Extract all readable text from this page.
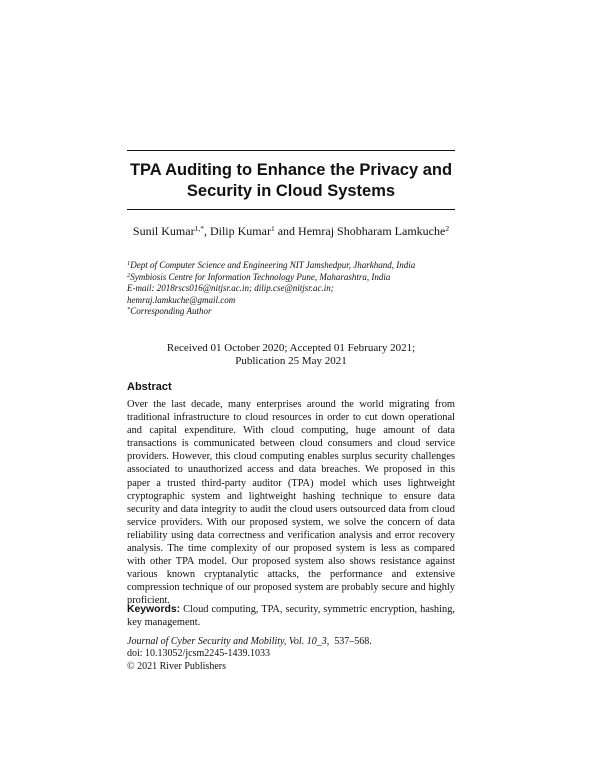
TPA Auditing to Enhance the Privacy and
Security in Cloud Systems
Sunil Kumar$^{1,*}$, Dilip Kumar$^1$ and Hemraj Shobharam Lamkuche$^2$
$^1$Dept of Computer Science and Engineering NIT Jamshedpur, Jharkhand, India
$^2$Symbiosis Centre for Information Technology Pune, Maharashtra, India
E-mail: 2018rscs016@nitjsr.ac.in; dilip.cse@nitjsr.ac.in;
hemraj.lamkuche@gmail.com
*Corresponding Author
Received 01 October 2020; Accepted 01 February 2021;
Publication 25 May 2021
Abstract
Over the last decade, many enterprises around the world migrating from traditional infrastructure to cloud resources in order to cut down operational and capital expenditure. With cloud computing, huge amount of data transactions is communicated between cloud consumers and cloud service providers. However, this cloud computing enables surplus security challenges associated to unauthorized access and data breaches. We proposed in this paper a trusted third-party auditor (TPA) model which uses lightweight cryptographic system and lightweight hashing technique to ensure data security and data integrity to audit the cloud users outsourced data from cloud service providers. With our proposed system, we solve the concern of data reliability using data correctness and verification analysis and error recovery analysis. The time complexity of our proposed system is less as compared with other TPA model. Our proposed system also shows resistance against various known cryptanalytic attacks, the performance and extensive compression technique of our proposed system are probably secure and highly proficient.
Keywords: Cloud computing, TPA, security, symmetric encryption, hashing, key management.
Journal of Cyber Security and Mobility, Vol. 10_3,  537–568.
doi: 10.13052/jcsm2245-1439.1033
© 2021 River Publishers
